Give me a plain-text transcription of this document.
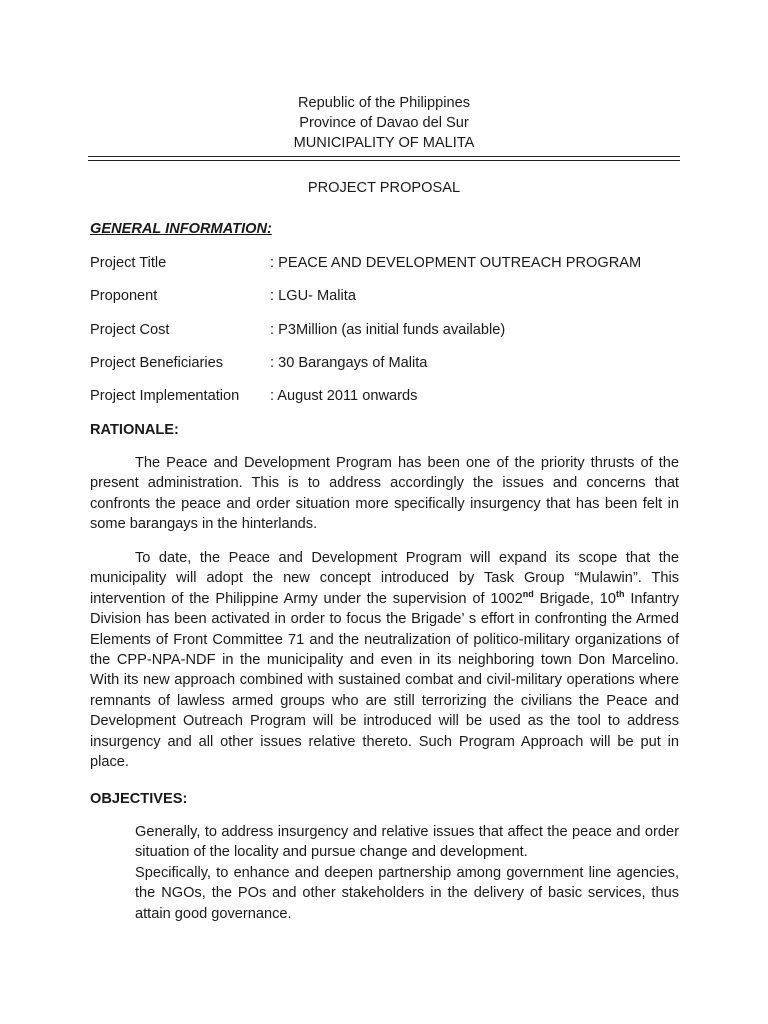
Republic of the Philippines
Province of Davao del Sur
MUNICIPALITY OF MALITA
PROJECT PROPOSAL
GENERAL INFORMATION:
Project Title	: PEACE AND DEVELOPMENT OUTREACH PROGRAM
Proponent	: LGU- Malita
Project Cost	: P3Million (as initial funds available)
Project Beneficiaries	: 30 Barangays of Malita
Project Implementation : August 2011 onwards
RATIONALE:
The Peace and Development Program has been one of the priority thrusts of the present administration. This is to address accordingly the issues and concerns that confronts the peace and order situation more specifically insurgency that has been felt in some barangays in the hinterlands.
To date, the Peace and Development Program will expand its scope that the municipality will adopt the new concept introduced by Task Group “Mulawin”. This intervention of the Philippine Army under the supervision of 1002nd Brigade, 10th Infantry Division has been activated in order to focus the Brigade’ s effort in confronting the Armed Elements of Front Committee 71 and the neutralization of politico-military organizations of the CPP-NPA-NDF in the municipality and even in its neighboring town Don Marcelino. With its new approach combined with sustained combat and civil-military operations where remnants of lawless armed groups who are still terrorizing the civilians the Peace and Development Outreach Program will be introduced will be used as the tool to address insurgency and all other issues relative thereto. Such Program Approach will be put in place.
OBJECTIVES:
Generally, to address insurgency and relative issues that affect the peace and order situation of the locality and pursue change and development.
Specifically, to enhance and deepen partnership among government line agencies, the NGOs, the POs and other stakeholders in the delivery of basic services, thus attain good governance.
